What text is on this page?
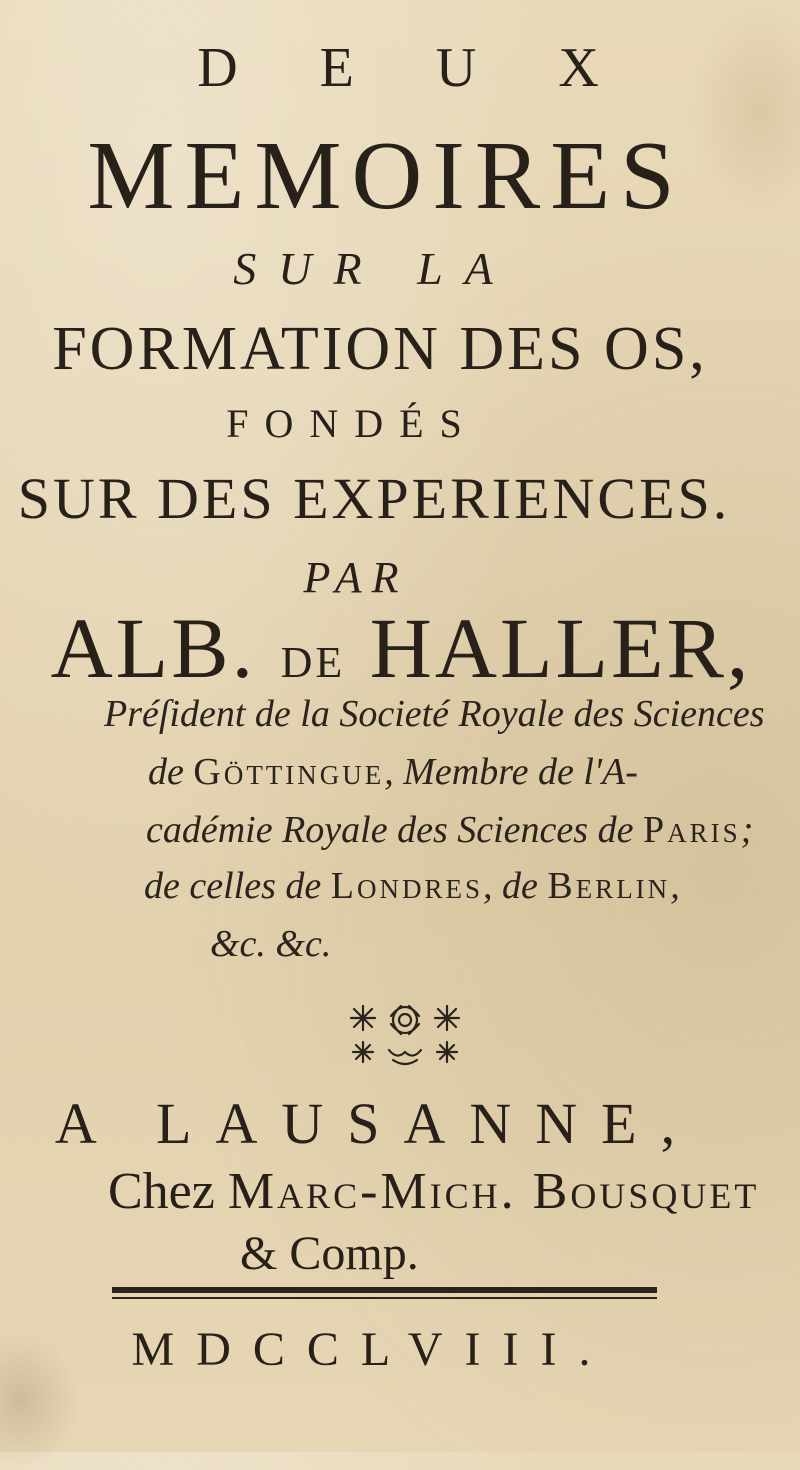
D E U X
MEMOIRES
SUR LA
FORMATION DES OS,
FONDÉS
SUR DES EXPERIENCES.
PAR
ALB. DE HALLER,
Préſident de la Societé Royale des Sciences
de Göttingue, Membre de l'A-
cadémie Royale des Sciences de Paris;
de celles de Londres, de Berlin,
&c. &c.
A LAUSANNE,
Chez Marc-Mich. Bousquet
& Comp.
MDCCLVIII.
